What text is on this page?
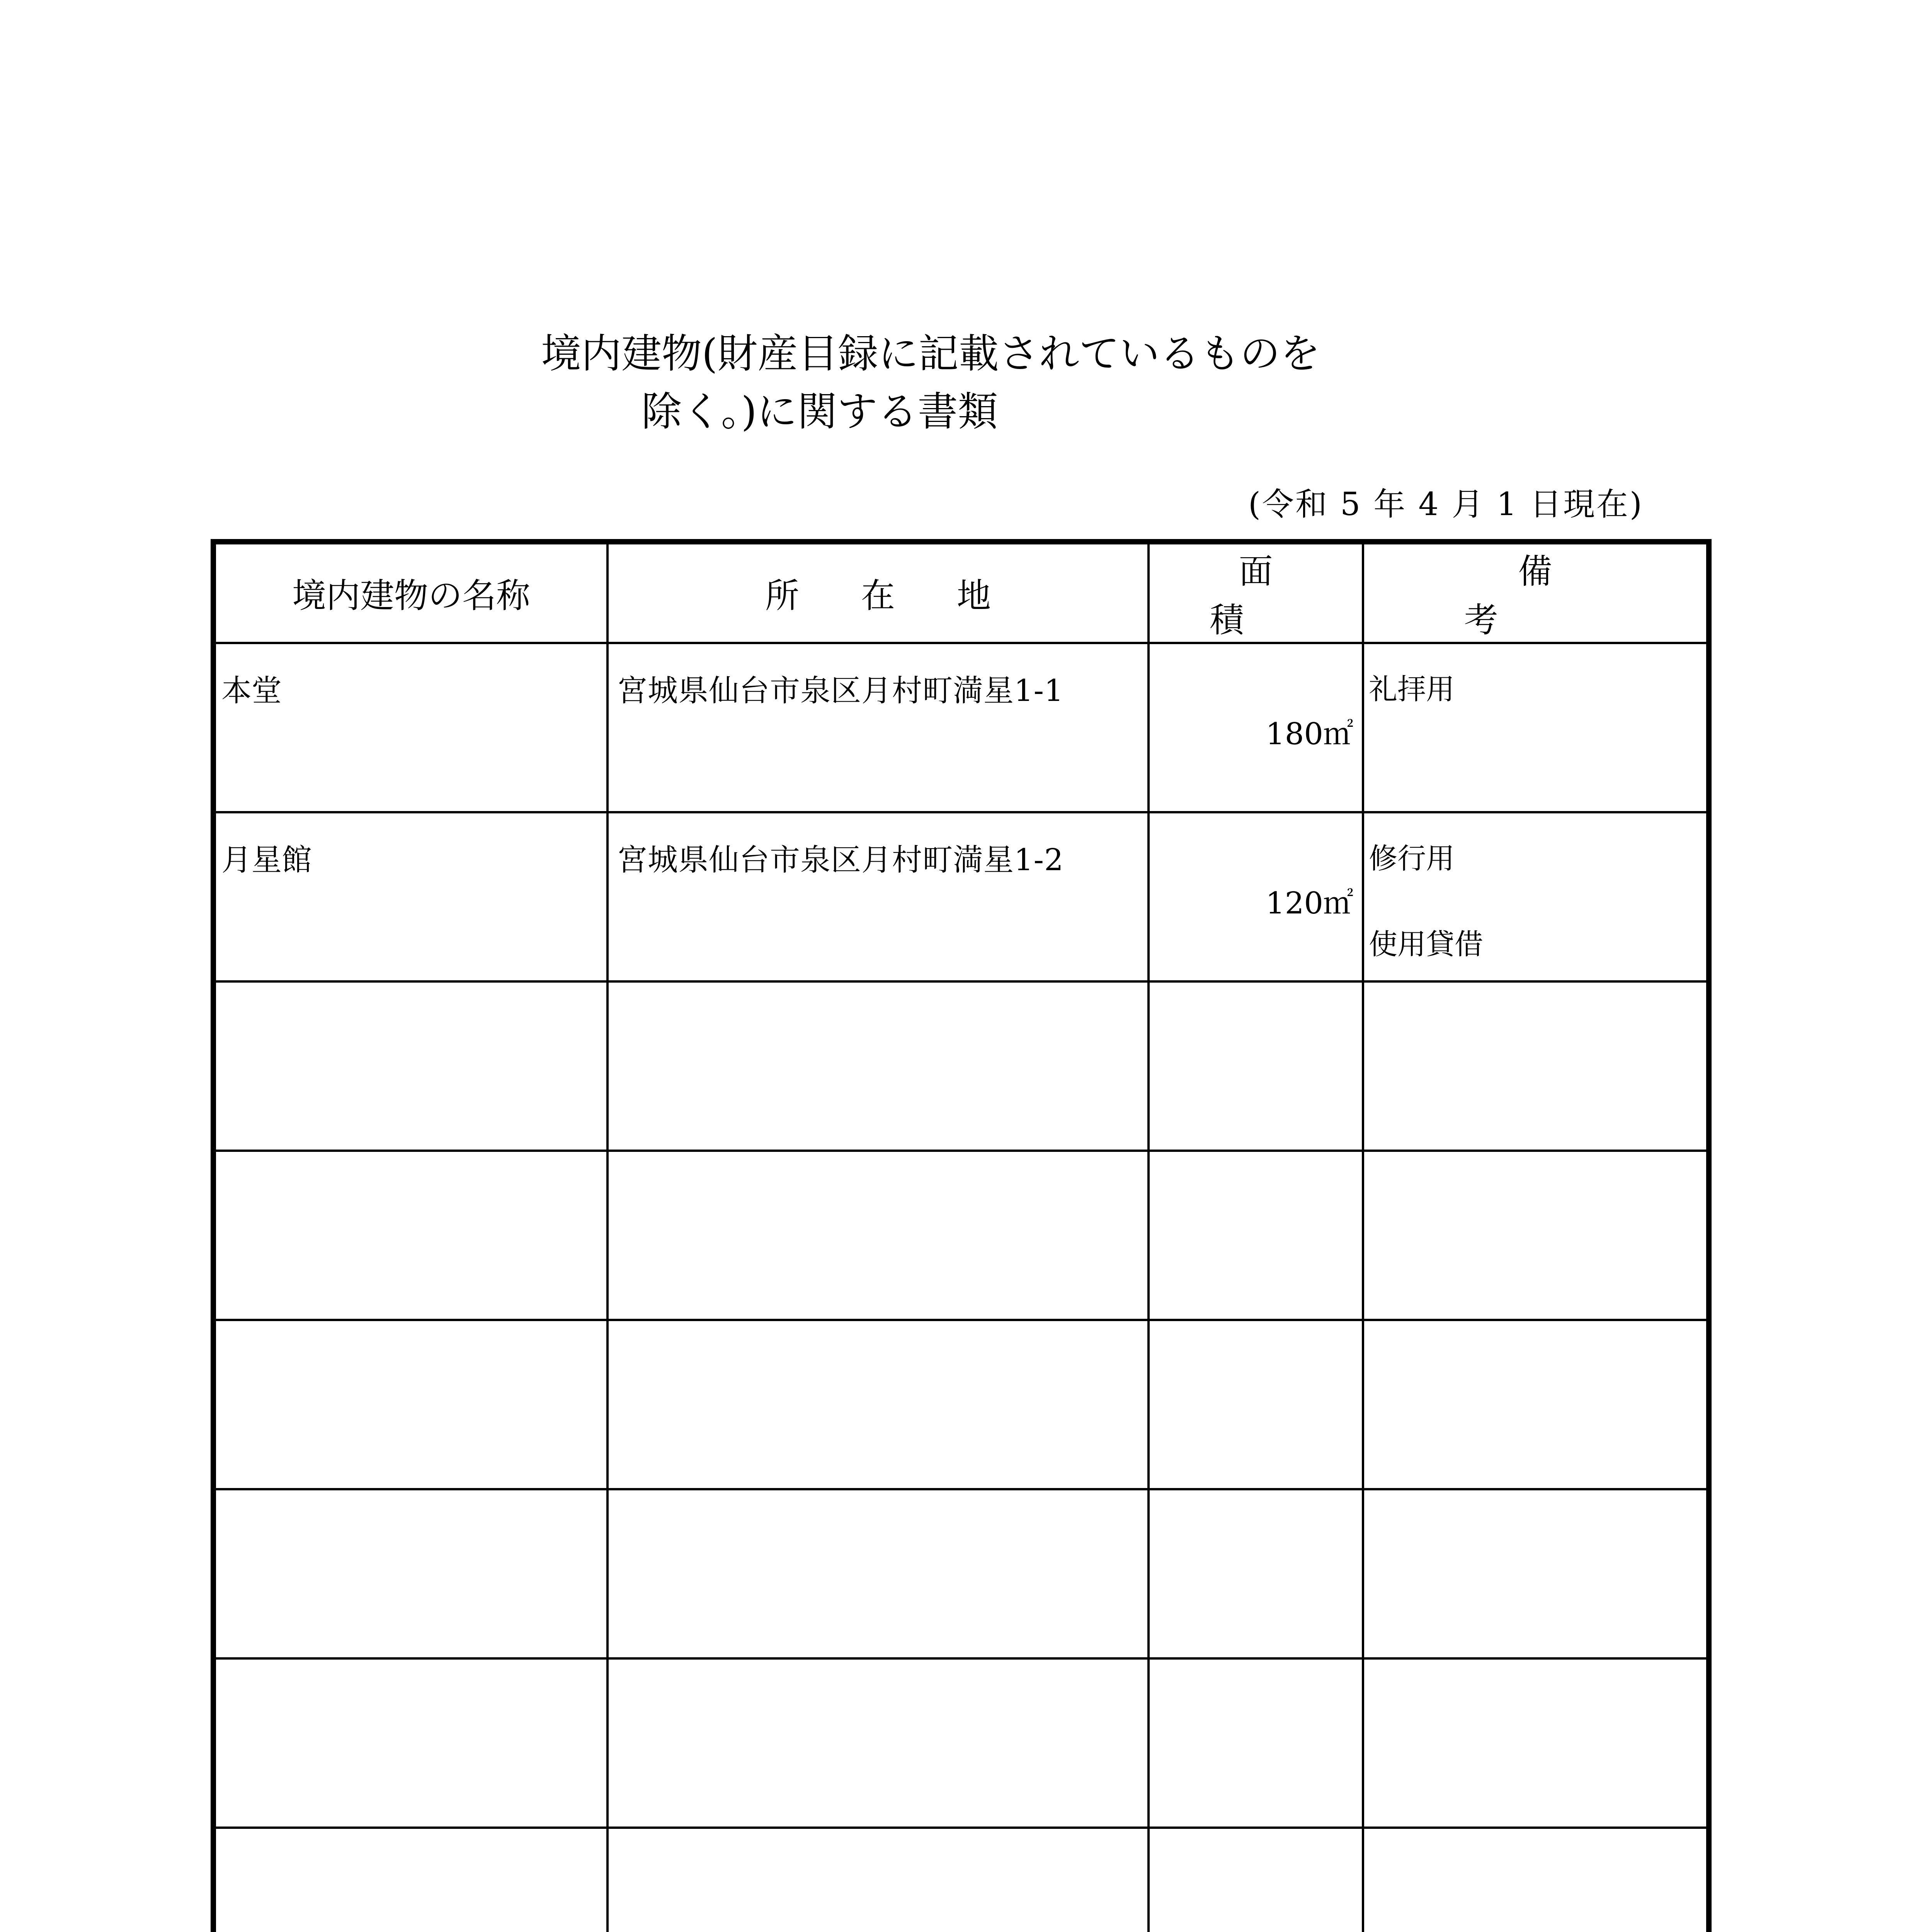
境内建物(財産目録に記載されているものを
除く。)に関する書類
(令和 5 年 4 月 1 日現在)
境内建物の名称	所在地	面積	備考

本堂	宮城県仙台市泉区月村町満星1-1	180㎡	礼拝用

月星館	宮城県仙台市泉区月村町満星1-2	120㎡	修行用
使用貸借
